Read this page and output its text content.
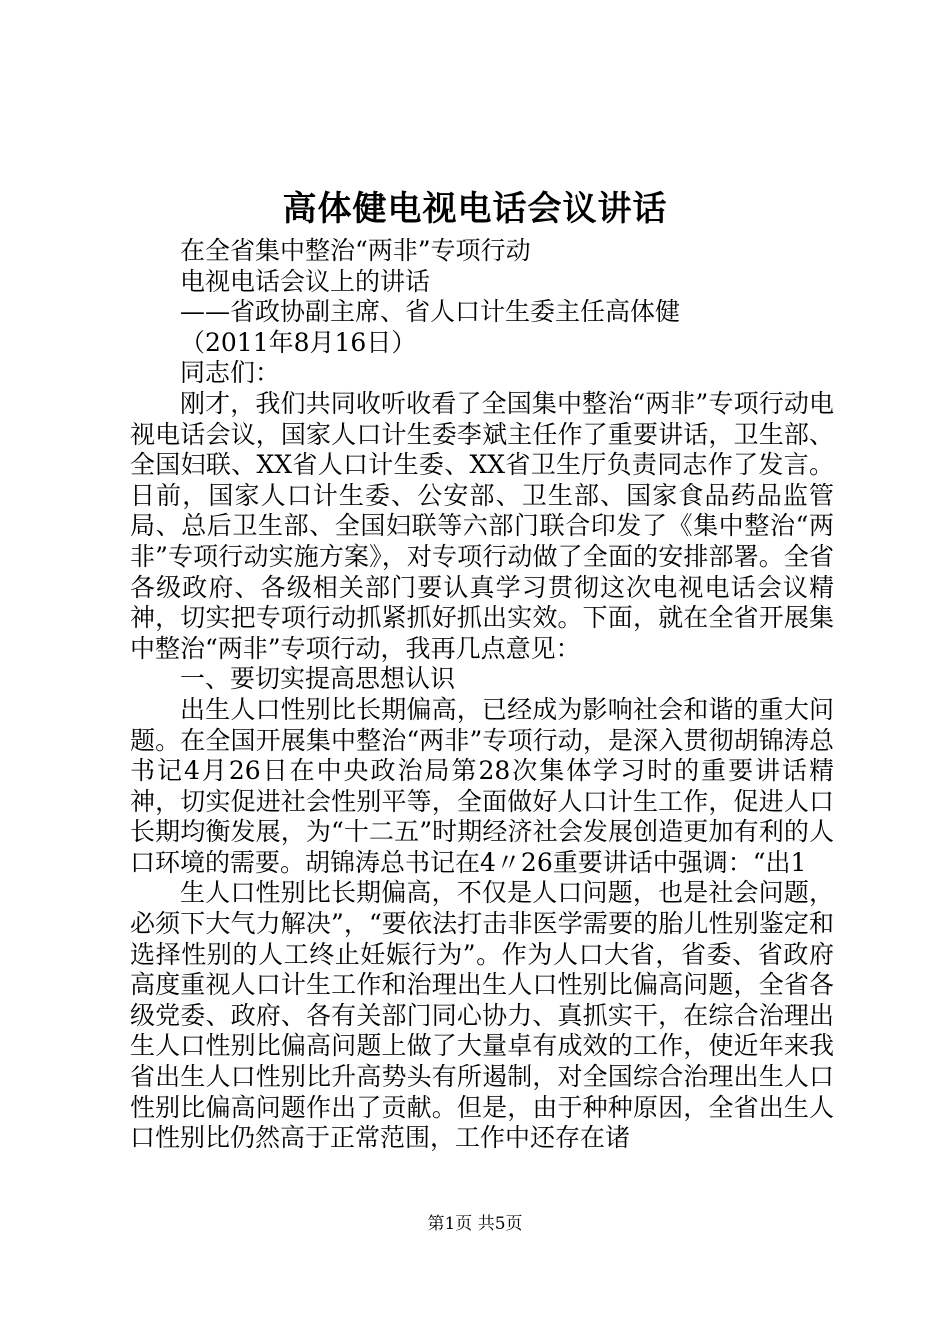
高体健电视电话会议讲话
在全省集中整治“两非”专项行动
电视电话会议上的讲话
——省政协副主席、省人口计生委主任高体健
（2011年8月16日）
同志们：

刚才，我们共同收听收看了全国集中整治“两非”专项行动电视电话会议，国家人口计生委李斌主任作了重要讲话，卫生部、全国妇联、XX省人口计生委、XX省卫生厅负责同志作了发言。日前，国家人口计生委、公安部、卫生部、国家食品药品监管局、总后卫生部、全国妇联等六部门联合印发了《集中整治“两非”专项行动实施方案》，对专项行动做了全面的安排部署。全省各级政府、各级相关部门要认真学习贯彻这次电视电话会议精神，切实把专项行动抓紧抓好抓出实效。下面，就在全省开展集中整治“两非”专项行动，我再几点意见：

一、要切实提高思想认识

出生人口性别比长期偏高，已经成为影响社会和谐的重大问题。在全国开展集中整治“两非”专项行动，是深入贯彻胡锦涛总书记4月26日在中央政治局第28次集体学习时的重要讲话精神，切实促进社会性别平等，全面做好人口计生工作，促进人口长期均衡发展，为“十二五”时期经济社会发展创造更加有利的人口环境的需要。胡锦涛总书记在4〃26重要讲话中强调：“出1

生人口性别比长期偏高，不仅是人口问题，也是社会问题，必须下大气力解决”，“要依法打击非医学需要的胎儿性别鉴定和选择性别的人工终止妊娠行为”。作为人口大省，省委、省政府高度重视人口计生工作和治理出生人口性别比偏高问题，全省各级党委、政府、各有关部门同心协力、真抓实干，在综合治理出生人口性别比偏高问题上做了大量卓有成效的工作，使近年来我省出生人口性别比升高势头有所遏制，对全国综合治理出生人口性别比偏高问题作出了贡献。但是，由于种种原因，全省出生人口性别比仍然高于正常范围，工作中还存在诸

第1页 共5页
